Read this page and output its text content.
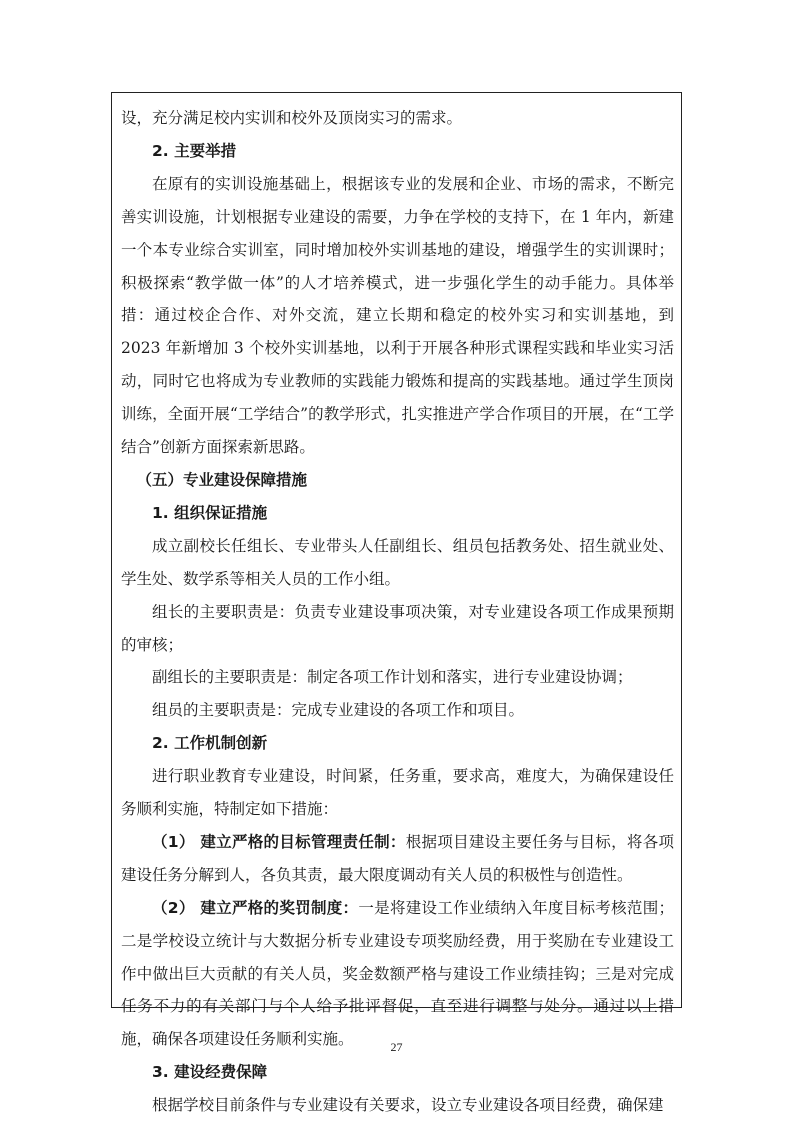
设，充分满足校内实训和校外及顶岗实习的需求。

2. 主要举措

在原有的实训设施基础上，根据该专业的发展和企业、市场的需求，不断完善实训设施，计划根据专业建设的需要，力争在学校的支持下，在 1 年内，新建一个本专业综合实训室，同时增加校外实训基地的建设，增强学生的实训课时；积极探索“教学做一体”的人才培养模式，进一步强化学生的动手能力。具体举措：通过校企合作、对外交流，建立长期和稳定的校外实习和实训基地，到 2023 年新增加 3 个校外实训基地，以利于开展各种形式课程实践和毕业实习活动，同时它也将成为专业教师的实践能力锻炼和提高的实践基地。通过学生顶岗训练，全面开展“工学结合”的教学形式，扎实推进产学合作项目的开展，在“工学结合”创新方面探索新思路。

（五）专业建设保障措施

1. 组织保证措施

成立副校长任组长、专业带头人任副组长、组员包括教务处、招生就业处、学生处、数学系等相关人员的工作小组。

组长的主要职责是：负责专业建设事项决策，对专业建设各项工作成果预期的审核；

副组长的主要职责是：制定各项工作计划和落实，进行专业建设协调；

组员的主要职责是：完成专业建设的各项工作和项目。

2. 工作机制创新

进行职业教育专业建设，时间紧，任务重，要求高，难度大，为确保建设任务顺利实施，特制定如下措施：

（1） 建立严格的目标管理责任制：根据项目建设主要任务与目标，将各项建设任务分解到人，各负其责，最大限度调动有关人员的积极性与创造性。

（2） 建立严格的奖罚制度：一是将建设工作业绩纳入年度目标考核范围；二是学校设立统计与大数据分析专业建设专项奖励经费，用于奖励在专业建设工作中做出巨大贡献的有关人员，奖金数额严格与建设工作业绩挂钩；三是对完成任务不力的有关部门与个人给予批评督促，直至进行调整与处分。通过以上措施，确保各项建设任务顺利实施。

3. 建设经费保障

根据学校目前条件与专业建设有关要求，设立专业建设各项目经费，确保建

27
